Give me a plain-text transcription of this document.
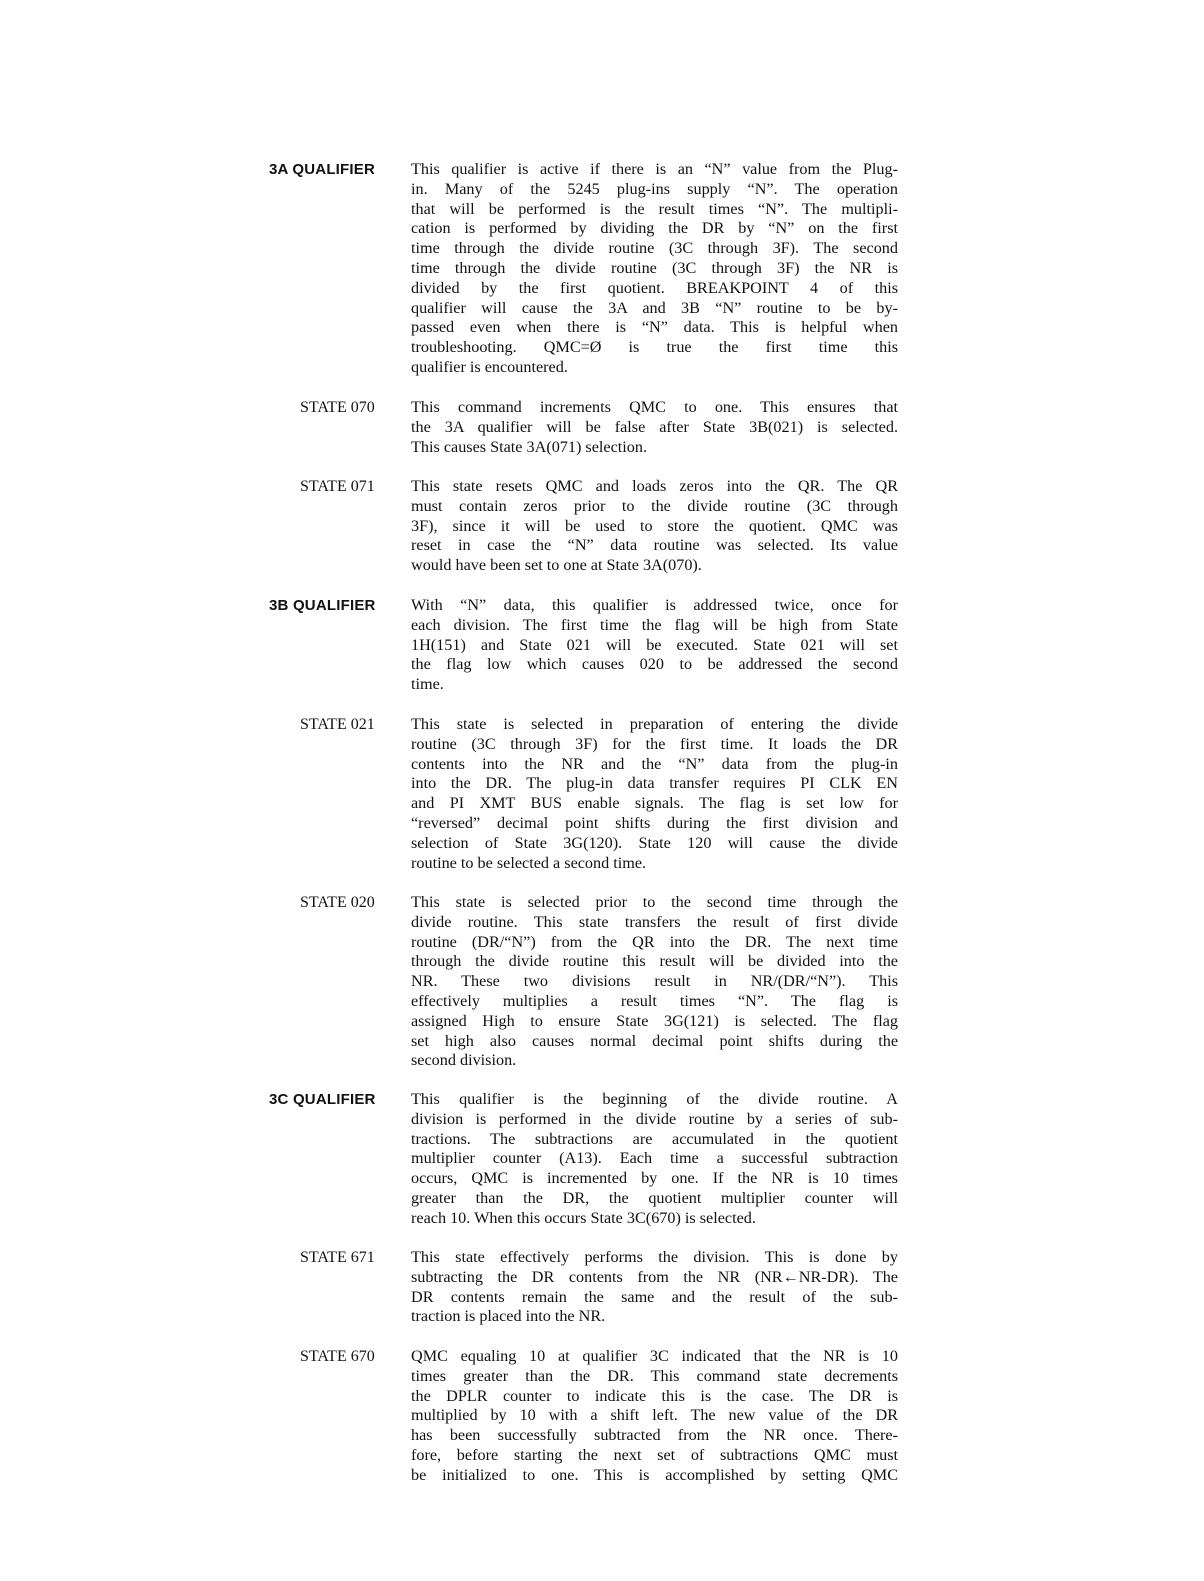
3A QUALIFIER This qualifier is active if there is an “N” value from the Plug-
in. Many of the 5245 plug-ins supply “N”. The operation
that will be performed is the result times “N”. The multipli-
cation is performed by dividing the DR by “N” on the first
time through the divide routine (3C through 3F). The second
time through the divide routine (3C through 3F) the NR is
divided by the first quotient. BREAKPOINT 4 of this
qualifier will cause the 3A and 3B “N” routine to be by-
passed even when there is “N” data. This is helpful when
troubleshooting. QMC=Ø is true the first time this
qualifier is encountered.
STATE 070 This command increments QMC to one. This ensures that
the 3A qualifier will be false after State 3B(021) is selected.
This causes State 3A(071) selection.
STATE 071 This state resets QMC and loads zeros into the QR. The QR
must contain zeros prior to the divide routine (3C through
3F), since it will be used to store the quotient. QMC was
reset in case the “N” data routine was selected. Its value
would have been set to one at State 3A(070).
3B QUALIFIER With “N” data, this qualifier is addressed twice, once for
each division. The first time the flag will be high from State
1H(151) and State 021 will be executed. State 021 will set
the flag low which causes 020 to be addressed the second
time.
STATE 021 This state is selected in preparation of entering the divide
routine (3C through 3F) for the first time. It loads the DR
contents into the NR and the “N” data from the plug-in
into the DR. The plug-in data transfer requires PI CLK EN
and PI XMT BUS enable signals. The flag is set low for
“reversed” decimal point shifts during the first division and
selection of State 3G(120). State 120 will cause the divide
routine to be selected a second time.
STATE 020 This state is selected prior to the second time through the
divide routine. This state transfers the result of first divide
routine (DR/“N”) from the QR into the DR. The next time
through the divide routine this result will be divided into the
NR. These two divisions result in NR/(DR/“N”). This
effectively multiplies a result times “N”. The flag is
assigned High to ensure State 3G(121) is selected. The flag
set high also causes normal decimal point shifts during the
second division.
3C QUALIFIER This qualifier is the beginning of the divide routine. A
division is performed in the divide routine by a series of sub-
tractions. The subtractions are accumulated in the quotient
multiplier counter (A13). Each time a successful subtraction
occurs, QMC is incremented by one. If the NR is 10 times
greater than the DR, the quotient multiplier counter will
reach 10. When this occurs State 3C(670) is selected.
STATE 671 This state effectively performs the division. This is done by
subtracting the DR contents from the NR (NR←NR-DR). The
DR contents remain the same and the result of the sub-
traction is placed into the NR.
STATE 670 QMC equaling 10 at qualifier 3C indicated that the NR is 10
times greater than the DR. This command state decrements
the DPLR counter to indicate this is the case. The DR is
multiplied by 10 with a shift left. The new value of the DR
has been successfully subtracted from the NR once. There-
fore, before starting the next set of subtractions QMC must
be initialized to one. This is accomplished by setting QMC
